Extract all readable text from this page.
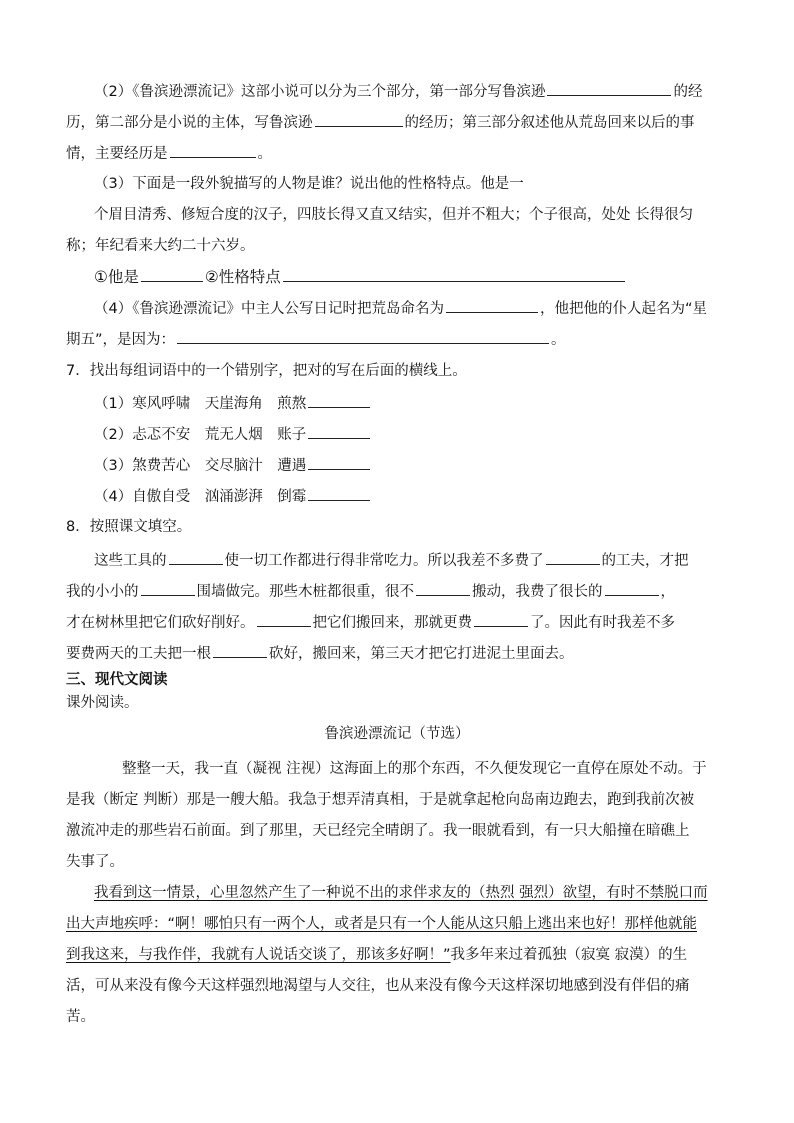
（2）《鲁滨逊漂流记》这部小说可以分为三个部分，第一部分写鲁滨逊	的经
历，第二部分是小说的主体，写鲁滨逊	的经历；第三部分叙述他从荒岛回来以后的事
情，主要经历是	。
（3）下面是一段外貌描写的人物是谁？说出他的性格特点。他是一
个眉目清秀、修短合度的汉子，四肢长得又直又结实，但并不粗大；个子很高，处处 长得很匀
称；年纪看来大约二十六岁。
①他是	②性格特点
（4）《鲁滨逊漂流记》中主人公写日记时把荒岛命名为	，他把他的仆人起名为“星
期五”，是因为：	。
7．找出每组词语中的一个错别字，把对的写在后面的横线上。
（1）寒风呼啸　天崖海角　煎熬
（2）忐忑不安　荒无人烟　账子
（3）煞费苦心　交尽脑汁　遭遇
（4）自傲自受　汹涌澎湃　倒霉
8．按照课文填空。
这些工具的	使一切工作都进行得非常吃力。所以我差不多费了	的工夫，才把
我的小小的	围墙做完。那些木桩都很重，很不	搬动，我费了很长的	，
才在树林里把它们砍好削好。	把它们搬回来，那就更费	了。因此有时我差不多
要费两天的工夫把一根	砍好，搬回来，第三天才把它打进泥土里面去。
三、现代文阅读
课外阅读。
鲁滨逊漂流记（节选）
整整一天，我一直（凝视 注视）这海面上的那个东西，不久便发现它一直停在原处不动。于
是我（断定 判断）那是一艘大船。我急于想弄清真相，于是就拿起枪向岛南边跑去，跑到我前次被
激流冲走的那些岩石前面。到了那里，天已经完全晴朗了。我一眼就看到，有一只大船撞在暗礁上
失事了。
我看到这一情景，心里忽然产生了一种说不出的求伴求友的（热烈 强烈）欲望，有时不禁脱口而
出大声地疾呼：“啊！哪怕只有一两个人，或者是只有一个人能从这只船上逃出来也好！那样他就能
到我这来，与我作伴，我就有人说话交谈了，那该多好啊！”我多年来过着孤独（寂寞 寂漠）的生
活，可从来没有像今天这样强烈地渴望与人交往，也从来没有像今天这样深切地感到没有伴侣的痛
苦。
